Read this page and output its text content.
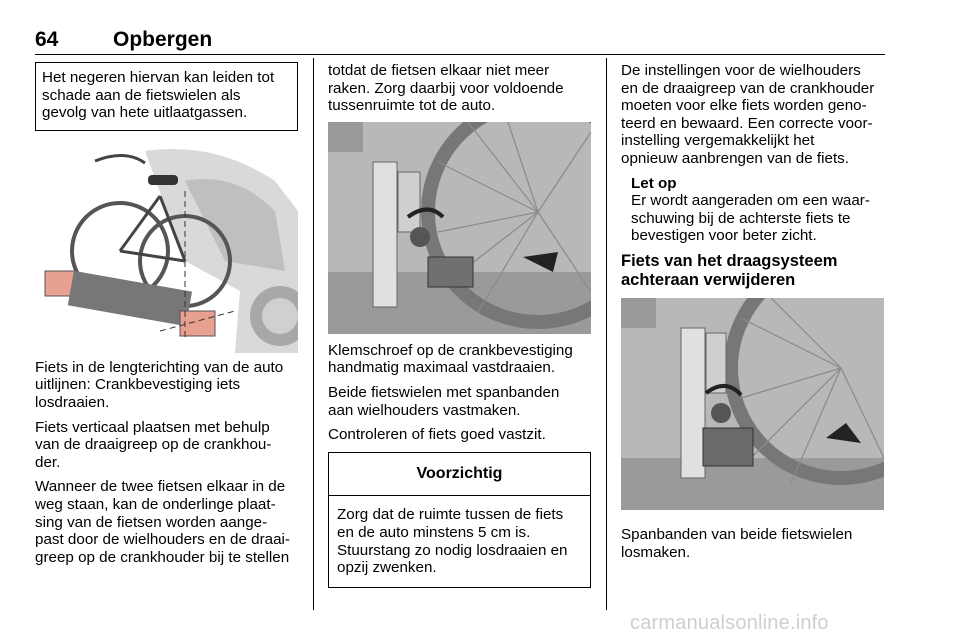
64	Opbergen
Het negeren hiervan kan leiden tot
schade aan de fietswielen als
gevolg van hete uitlaatgassen.

Fiets in de lengterichting van de auto
uitlijnen: Crankbevestiging iets
losdraaien.

Fiets verticaal plaatsen met behulp
van de draaigreep op de crankhou-
der.

Wanneer de twee fietsen elkaar in de
weg staan, kan de onderlinge plaat-
sing van de fietsen worden aange-
past door de wielhouders en de draai-
greep op de crankhouder bij te stellen

totdat de fietsen elkaar niet meer
raken. Zorg daarbij voor voldoende
tussenruimte tot de auto.

Klemschroef op de crankbevestiging
handmatig maximaal vastdraaien.

Beide fietswielen met spanbanden
aan wielhouders vastmaken.

Controleren of fiets goed vastzit.

Voorzichtig
Zorg dat de ruimte tussen de fiets
en de auto minstens 5 cm is.
Stuurstang zo nodig losdraaien en
opzij zwenken.

De instellingen voor de wielhouders
en de draaigreep van de crankhouder
moeten voor elke fiets worden geno-
teerd en bewaard. Een correcte voor-
instelling vergemakkelijkt het
opnieuw aanbrengen van de fiets.

Let op
Er wordt aangeraden om een waar-
schuwing bij de achterste fiets te
bevestigen voor beter zicht.
Fiets van het draagsysteem
achteraan verwijderen

Spanbanden van beide fietswielen
losmaken.

carmanualsonline.info
